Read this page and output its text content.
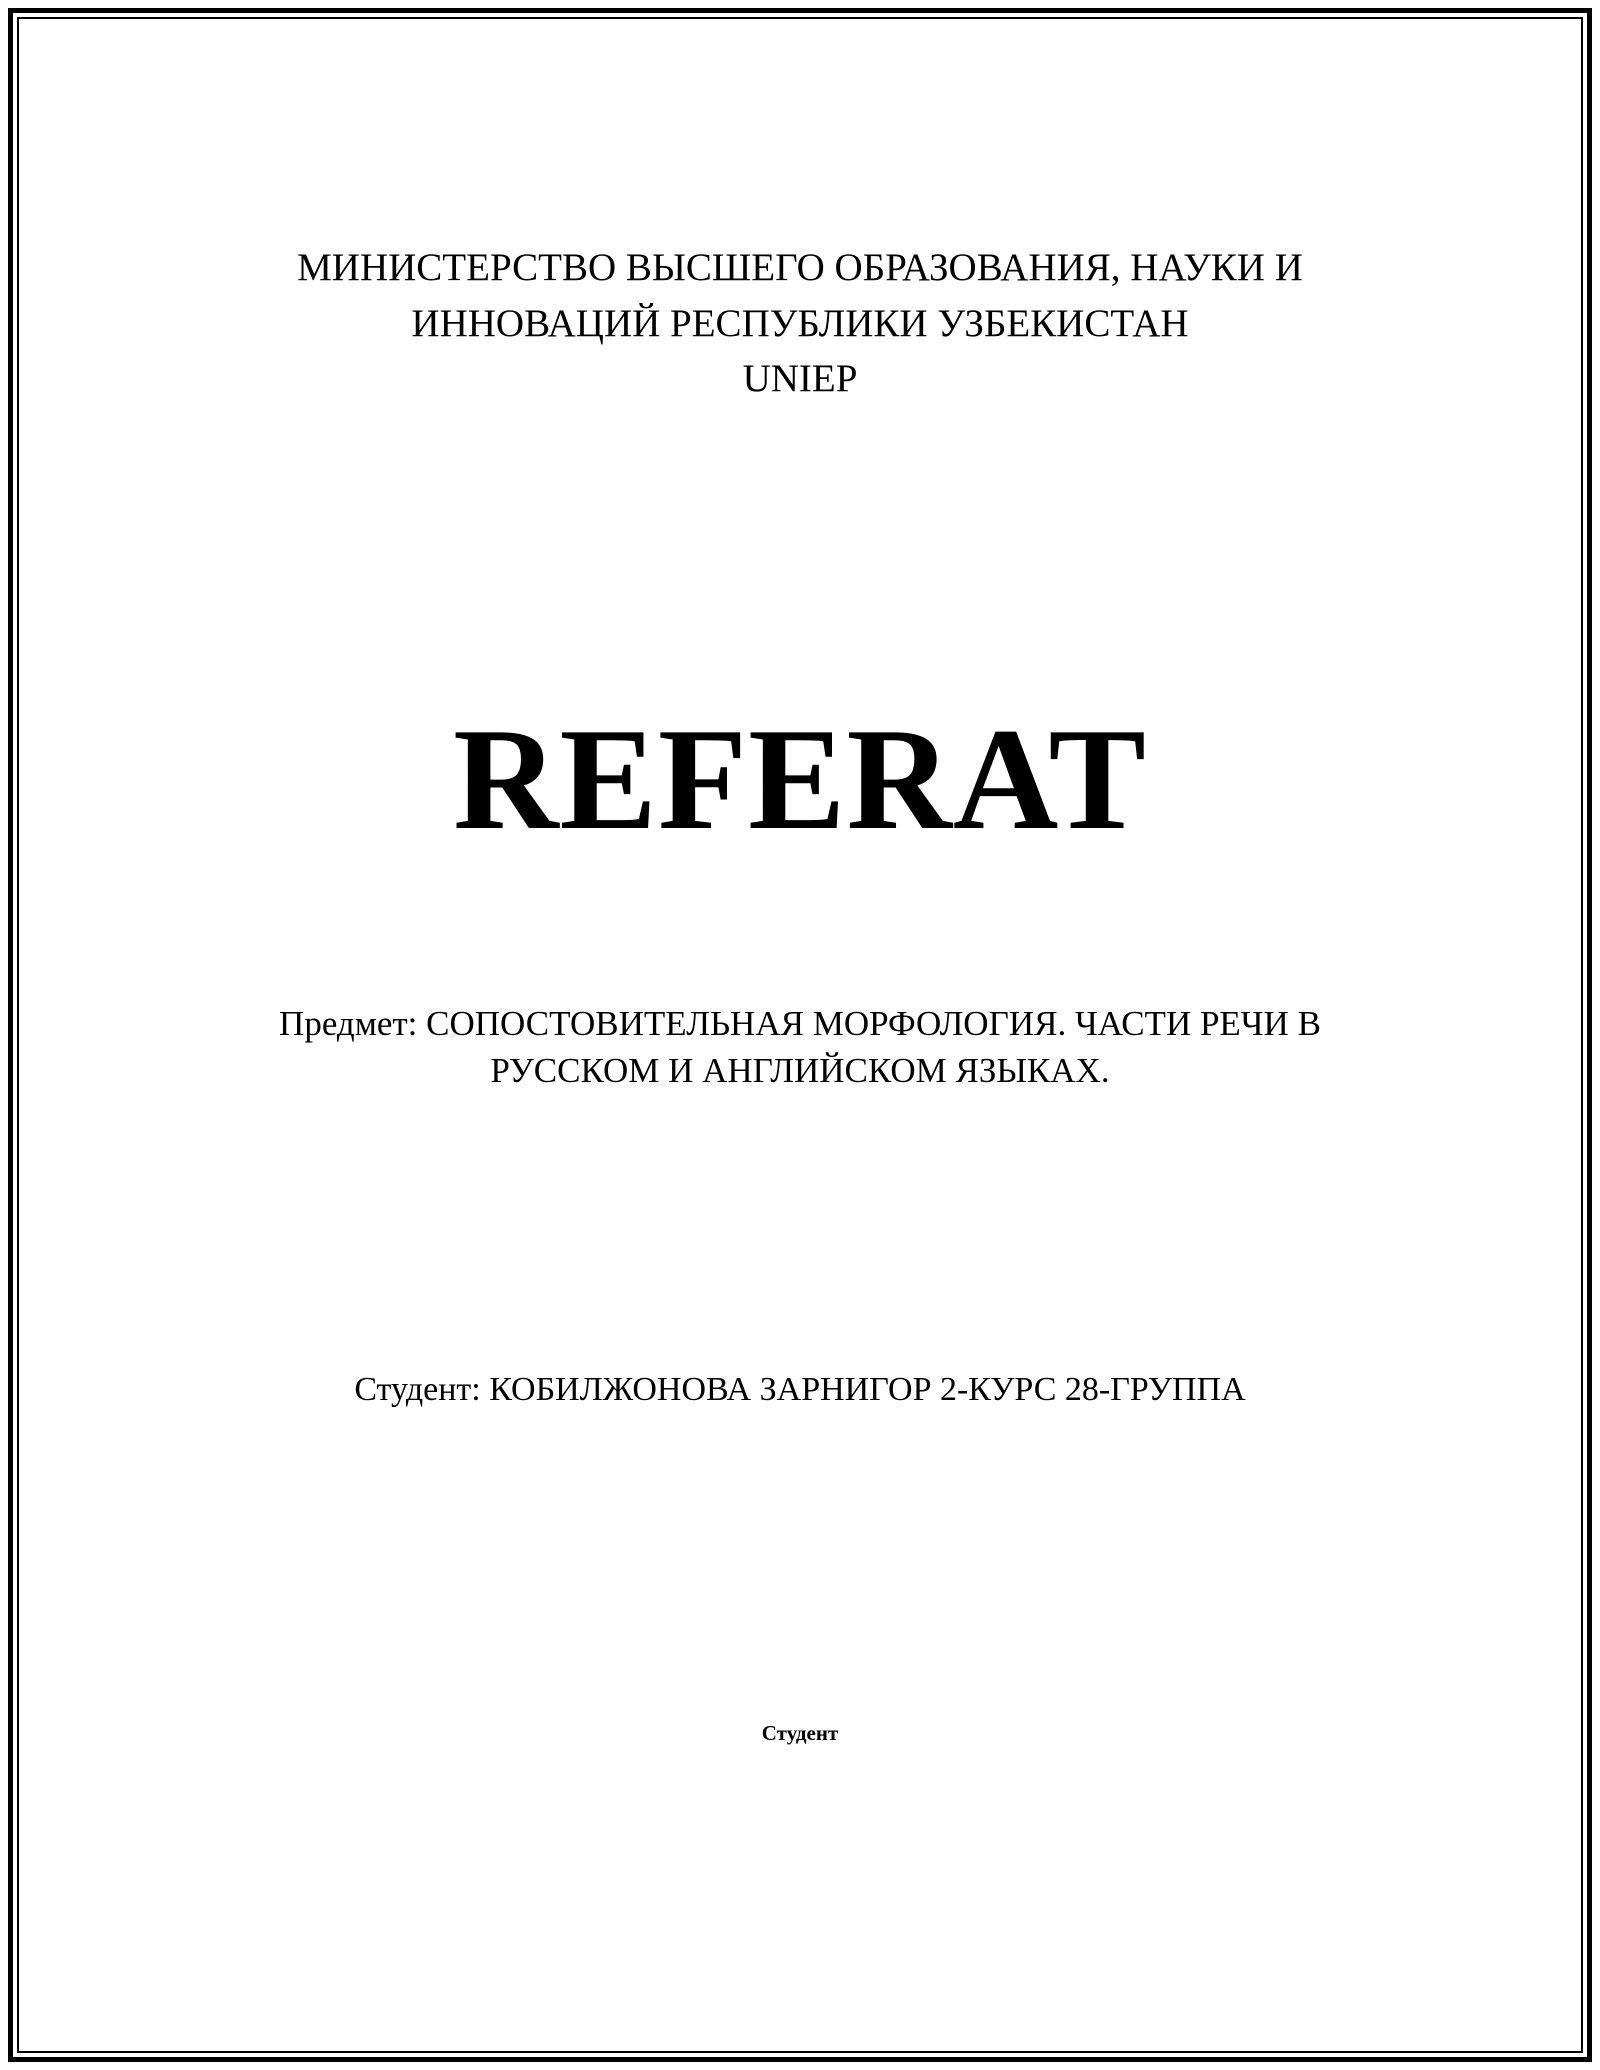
МИНИСТЕРСТВО ВЫСШЕГО ОБРАЗОВАНИЯ, НАУКИ И
ИННОВАЦИЙ РЕСПУБЛИКИ УЗБЕКИСТАН
UNIEP
REFERAT
Предмет: СОПОСТОВИТЕЛЬНАЯ МОРФОЛОГИЯ. ЧАСТИ РЕЧИ В
РУССКОМ И АНГЛИЙСКОМ ЯЗЫКАХ.
Студент: КОБИЛЖОНОВА ЗАРНИГОР 2-КУРС 28-ГРУППА
Студент
